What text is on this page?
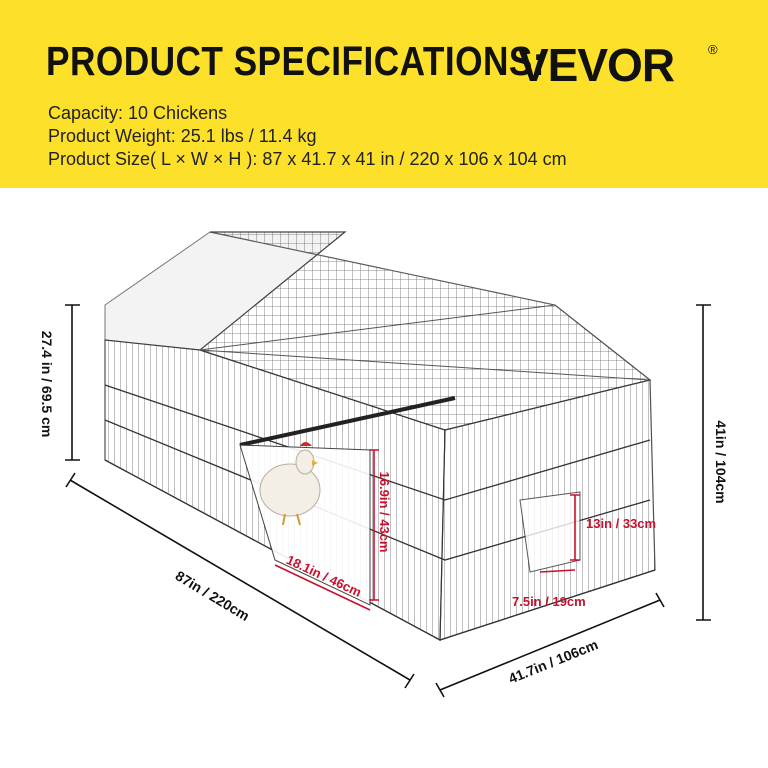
PRODUCT SPECIFICATIONS:
VEVOR	®
Capacity: 10 Chickens
Product Weight: 25.1 lbs / 11.4 kg
Product Size( L × W × H ): 87 x 41.7 x 41 in / 220 x 106 x 104 cm
27.4 in / 69.5 cm
41in / 104cm
87in / 220cm
41.7in / 106cm
16.9in / 43cm
18.1in / 46cm
13in / 33cm
7.5in / 19cm
